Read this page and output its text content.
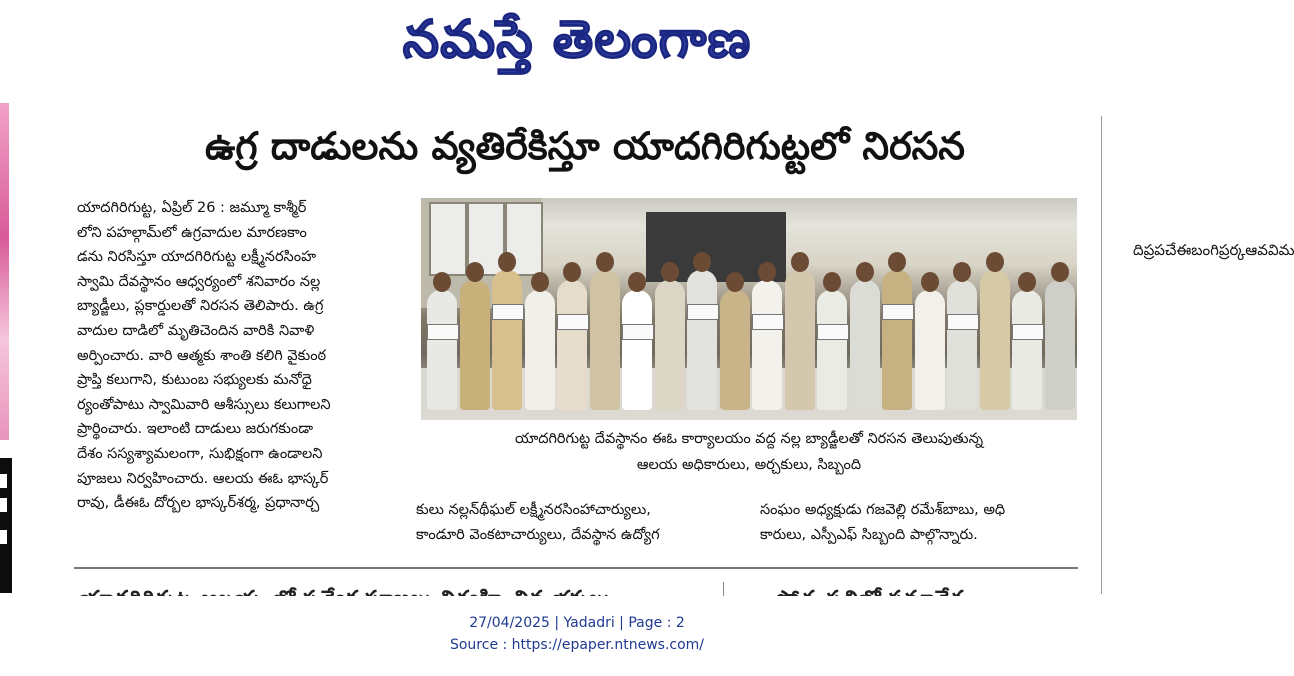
నమస్తే తెలంగాణ
దిప్రపచేఈబంగిప్రర్కఆవవిమ
ఉగ్ర దాడులను వ్యతిరేకిస్తూ యాదగిరిగుట్టలో నిరసన
యాదగిరిగుట్ట, ఏప్రిల్ 26 : జమ్మూ కాశ్మీర్
లోని పహల్గామ్‌లో ఉగ్రవాదుల మారణకాం
డను నిరసిస్తూ యాదగిరిగుట్ట లక్ష్మీనరసింహ
స్వామి దేవస్థానం ఆధ్వర్యంలో శనివారం నల్ల
బ్యాడ్జీలు, ప్లకార్డులతో నిరసన తెలిపారు. ఉగ్ర
వాదుల దాడిలో మృతిచెందిన వారికి నివాళి
అర్పించారు. వారి ఆత్మకు శాంతి కలిగి వైకుంఠ
ప్రాప్తి కలుగాని, కుటుంబ సభ్యులకు మనోధై
ర్యంతోపాటు స్వామివారి ఆశీస్సులు కలుగాలని
ప్రార్థించారు. ఇలాంటి దాడులు జరుగకుండా
దేశం సస్యశ్యామలంగా, సుభిక్షంగా ఉండాలని
పూజలు నిర్వహించారు. ఆలయ ఈఓ భాస్కర్
రావు, డీఈఓ దోర్బల భాస్కర్‌శర్మ, ప్రధానార్చ
యాదగిరిగుట్ట దేవస్థానం ఈఓ కార్యాలయం వద్ద నల్ల బ్యాడ్జీలతో నిరసన తెలుపుతున్న
ఆలయ అధికారులు, అర్చకులు, సిబ్బంది
కులు నల్లన్‌థీఘల్ లక్ష్మీనరసింహాచార్యులు,
కాండూరి వెంకటాచార్యులు, దేవస్థాన ఉద్యోగ
సంఘం అధ్యక్షుడు గజవెల్లి రమేశ్‌బాబు, అధి
కారులు, ఎస్పీఎఫ్ సిబ్బంది పాల్గొన్నారు.
27/04/2025 | Yadadri | Page : 2
Source : https://epaper.ntnews.com/
